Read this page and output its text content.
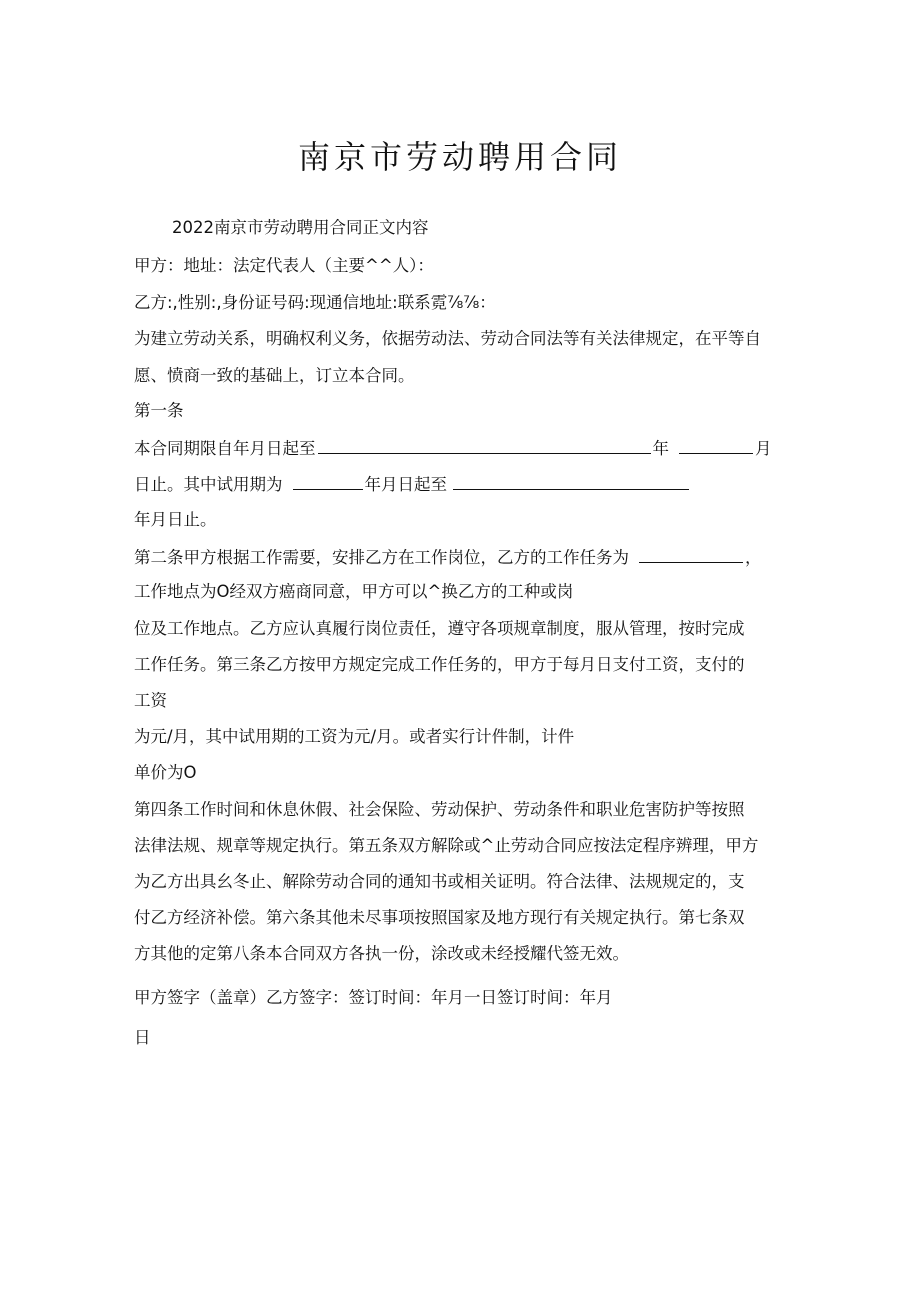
南京市劳动聘用合同
2022南京市劳动聘用合同正文内容
甲方：地址：法定代表人（主要^^人）：
乙方:,性别:,身份证号码:现通信地址:联系霓⅞⅞：
为建立劳动关系，明确权利义务，依据劳动法、劳动合同法等有关法律规定，在平等自
愿、愤商一致的基础上，订立本合同。
第一条
本合同期限自年月日起至	年	月
日止。其中试用期为	年月日起至
年月日止。
第二条甲方根据工作需要，安排乙方在工作岗位，乙方的工作任务为	，
工作地点为O经双方癌商同意，甲方可以^换乙方的工种或岗
位及工作地点。乙方应认真履行岗位责任，遵守各项规章制度，服从管理，按时完成
工作任务。第三条乙方按甲方规定完成工作任务的，甲方于每月日支付工资，支付的
工资
为元/月，其中试用期的工资为元/月。或者实行计件制，计件
单价为O
第四条工作时间和休息休假、社会保险、劳动保护、劳动条件和职业危害防护等按照
法律法规、规章等规定执行。第五条双方解除或^止劳动合同应按法定程序辨理，甲方
为乙方出具幺冬止、解除劳动合同的通知书或相关证明。符合法律、法规规定的，支
付乙方经济补偿。第六条其他未尽事项按照国家及地方现行有关规定执行。第七条双
方其他的定第八条本合同双方各执一份，涂改或未经授耀代签无效。
甲方签字（盖章）乙方签字：签订时间：年月一日签订时间：年月
日
